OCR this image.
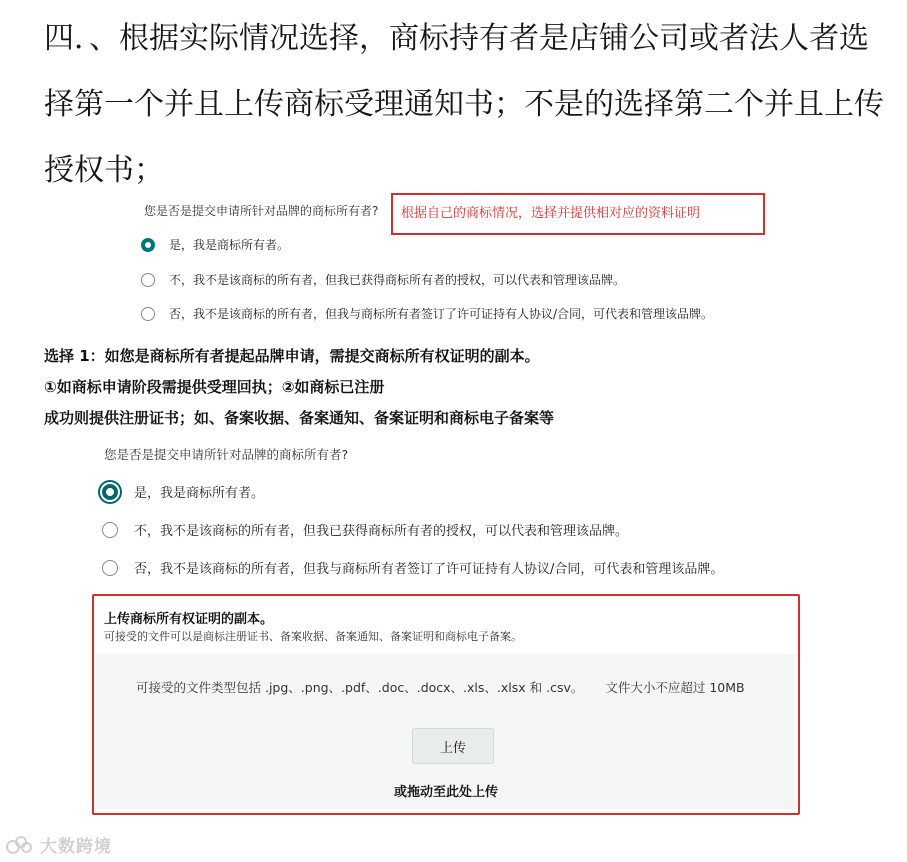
四．、根据实际情况选择，商标持有者是店铺公司或者法人者选择第一个并且上传商标受理通知书；不是的选择第二个并且上传授权书；

您是否是提交申请所针对品牌的商标所有者?	根据自己的商标情况，选择并提供相对应的资料证明
是，我是商标所有者。
不，我不是该商标的所有者，但我已获得商标所有者的授权，可以代表和管理该品牌。
否，我不是该商标的所有者，但我与商标所有者签订了许可证持有人协议/合同，可代表和管理该品牌。
选择 1：如您是商标所有者提起品牌申请，需提交商标所有权证明的副本。
①如商标申请阶段需提供受理回执；②如商标已注册
成功则提供注册证书；如、备案收据、备案通知、备案证明和商标电子备案等
您是否是提交申请所针对品牌的商标所有者?
是，我是商标所有者。
不，我不是该商标的所有者，但我已获得商标所有者的授权，可以代表和管理该品牌。
否，我不是该商标的所有者，但我与商标所有者签订了许可证持有人协议/合同，可代表和管理该品牌。
上传商标所有权证明的副本。
可接受的文件可以是商标注册证书、备案收据、备案通知、备案证明和商标电子备案。
可接受的文件类型包括 .jpg、.png、.pdf、.doc、.docx、.xls、.xlsx 和 .csv。 文件大小不应超过 10MB
上传
或拖动至此处上传
大数跨境
